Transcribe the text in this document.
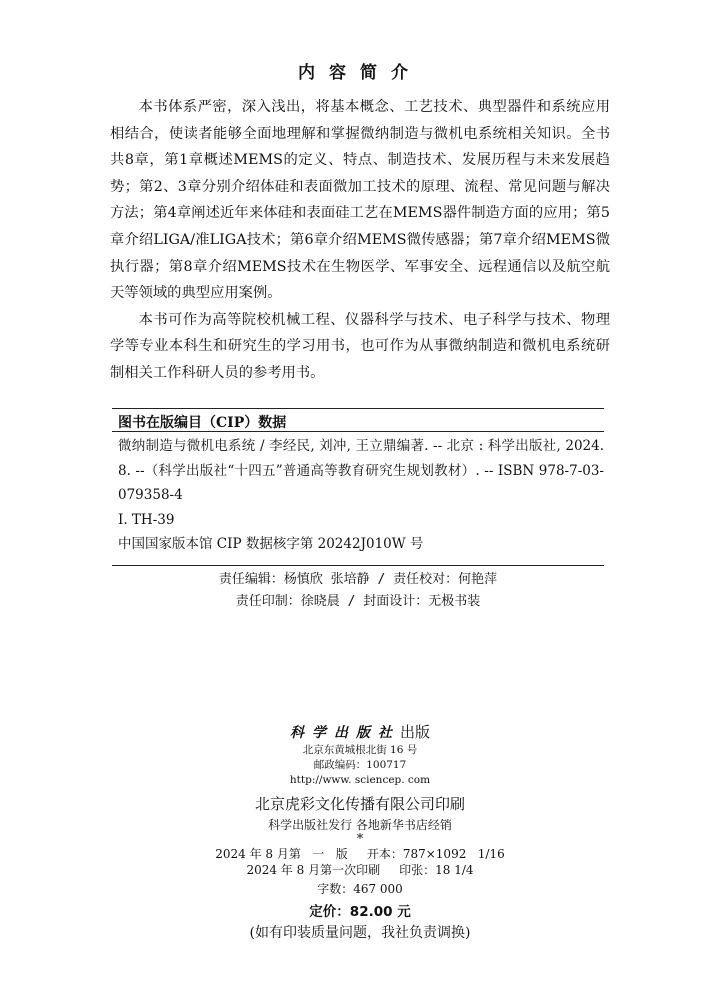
内容简介

本书体系严密，深入浅出，将基本概念、工艺技术、典型器件和系统应用相结合，使读者能够全面地理解和掌握微纳制造与微机电系统相关知识。全书共8章，第1章概述MEMS的定义、特点、制造技术、发展历程与未来发展趋势；第2、3章分别介绍体硅和表面微加工技术的原理、流程、常见问题与解决方法；第4章阐述近年来体硅和表面硅工艺在MEMS器件制造方面的应用；第5章介绍LIGA/准LIGA技术；第6章介绍MEMS微传感器；第7章介绍MEMS微执行器；第8章介绍MEMS技术在生物医学、军事安全、远程通信以及航空航天等领域的典型应用案例。

本书可作为高等院校机械工程、仪器科学与技术、电子科学与技术、物理学等专业本科生和研究生的学习用书，也可作为从事微纳制造和微机电系统研制相关工作科研人员的参考用书。

图书在版编目（CIP）数据
微纳制造与微机电系统 / 李经民, 刘冲, 王立鼎编著. -- 北京 : 科学出版社, 2024. 8. --（科学出版社“十四五”普通高等教育研究生规划教材）. -- ISBN 978-7-03-079358-4
Ⅰ. TH-39
中国国家版本馆 CIP 数据核字第 20242J010W 号
责任编辑：杨慎欣 张培静 / 责任校对：何艳萍
责任印制：徐晓晨 / 封面设计：无极书装
科学出版社出版
北京东黄城根北街 16 号
邮政编码：100717
http://www. sciencep. com
北京虎彩文化传播有限公司印刷
科学出版社发行 各地新华书店经销
*
2024 年 8 月第   一   版     开本：787×1092   1/16
2024 年 8 月第一次印刷     印张：18 1/4
字数：467 000
定价：82.00 元
(如有印装质量问题，我社负责调换)
